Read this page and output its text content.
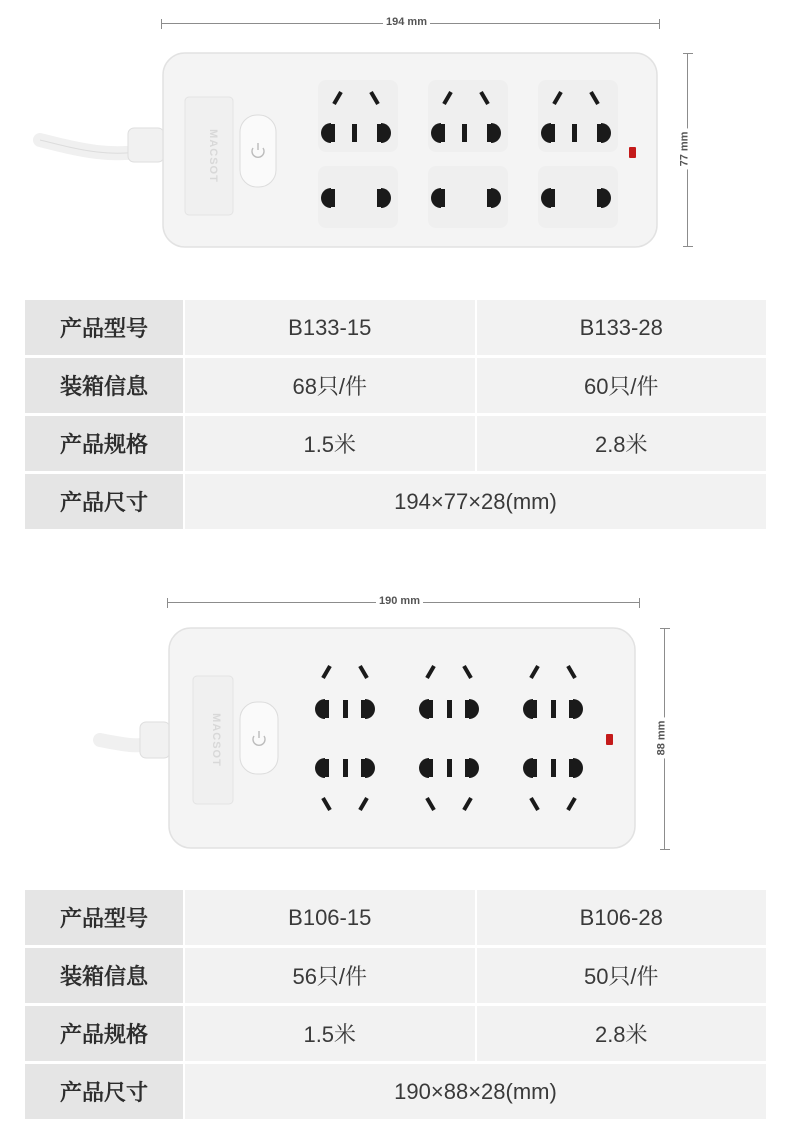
194 mm
77 mm
MACSOT
产品型号		B133-15		B133-28

装箱信息		68只/件		60只/件

产品规格		1.5米		2.8米

产品尺寸		194×77×28(mm)		
190 mm
88 mm
MACSOT
产品型号		B106-15		B106-28

装箱信息		56只/件		50只/件

产品规格		1.5米		2.8米

产品尺寸		190×88×28(mm)		
